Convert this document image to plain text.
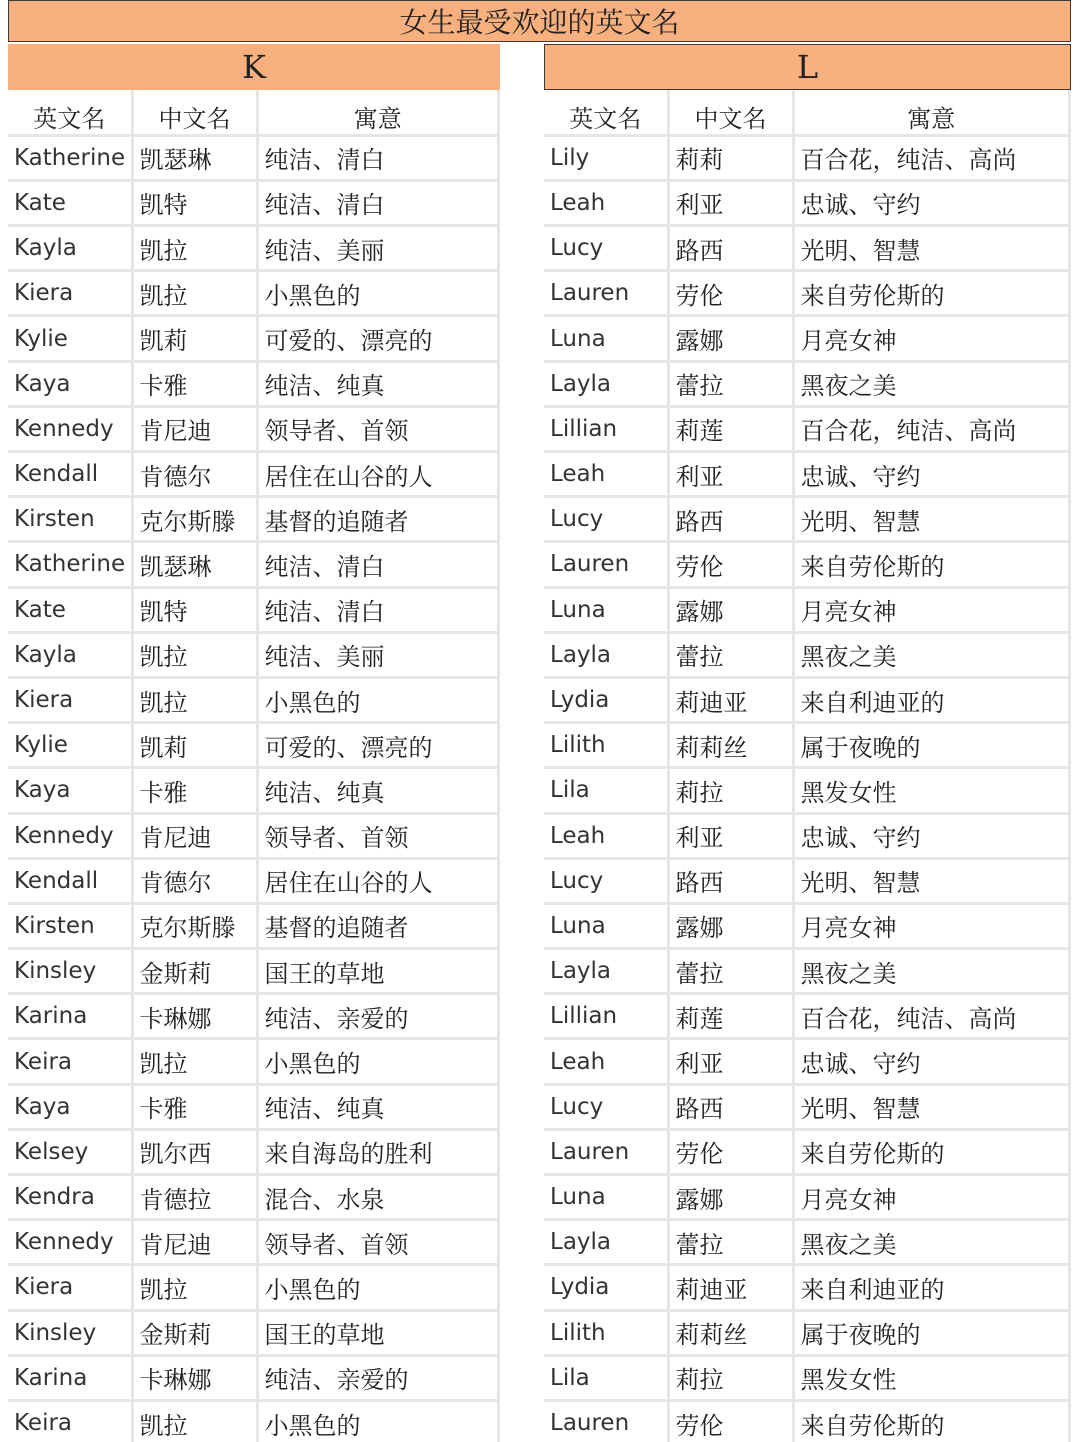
女生最受欢迎的英文名
K
英文名	中文名	寓意
Katherine	凯瑟琳	纯洁、清白
Kate	凯特	纯洁、清白
Kayla	凯拉	纯洁、美丽
Kiera	凯拉	小黑色的
Kylie	凯莉	可爱的、漂亮的
Kaya	卡雅	纯洁、纯真
Kennedy	肯尼迪	领导者、首领
Kendall	肯德尔	居住在山谷的人
Kirsten	克尔斯滕	基督的追随者
Katherine	凯瑟琳	纯洁、清白
Kate	凯特	纯洁、清白
Kayla	凯拉	纯洁、美丽
Kiera	凯拉	小黑色的
Kylie	凯莉	可爱的、漂亮的
Kaya	卡雅	纯洁、纯真
Kennedy	肯尼迪	领导者、首领
Kendall	肯德尔	居住在山谷的人
Kirsten	克尔斯滕	基督的追随者
Kinsley	金斯莉	国王的草地
Karina	卡琳娜	纯洁、亲爱的
Keira	凯拉	小黑色的
Kaya	卡雅	纯洁、纯真
Kelsey	凯尔西	来自海岛的胜利
Kendra	肯德拉	混合、水泉
Kennedy	肯尼迪	领导者、首领
Kiera	凯拉	小黑色的
Kinsley	金斯莉	国王的草地
Karina	卡琳娜	纯洁、亲爱的
Keira	凯拉	小黑色的
L
英文名	中文名	寓意
Lily	莉莉	百合花，纯洁、高尚
Leah	利亚	忠诚、守约
Lucy	路西	光明、智慧
Lauren	劳伦	来自劳伦斯的
Luna	露娜	月亮女神
Layla	蕾拉	黑夜之美
Lillian	莉莲	百合花，纯洁、高尚
Leah	利亚	忠诚、守约
Lucy	路西	光明、智慧
Lauren	劳伦	来自劳伦斯的
Luna	露娜	月亮女神
Layla	蕾拉	黑夜之美
Lydia	莉迪亚	来自利迪亚的
Lilith	莉莉丝	属于夜晚的
Lila	莉拉	黑发女性
Leah	利亚	忠诚、守约
Lucy	路西	光明、智慧
Luna	露娜	月亮女神
Layla	蕾拉	黑夜之美
Lillian	莉莲	百合花，纯洁、高尚
Leah	利亚	忠诚、守约
Lucy	路西	光明、智慧
Lauren	劳伦	来自劳伦斯的
Luna	露娜	月亮女神
Layla	蕾拉	黑夜之美
Lydia	莉迪亚	来自利迪亚的
Lilith	莉莉丝	属于夜晚的
Lila	莉拉	黑发女性
Lauren	劳伦	来自劳伦斯的
